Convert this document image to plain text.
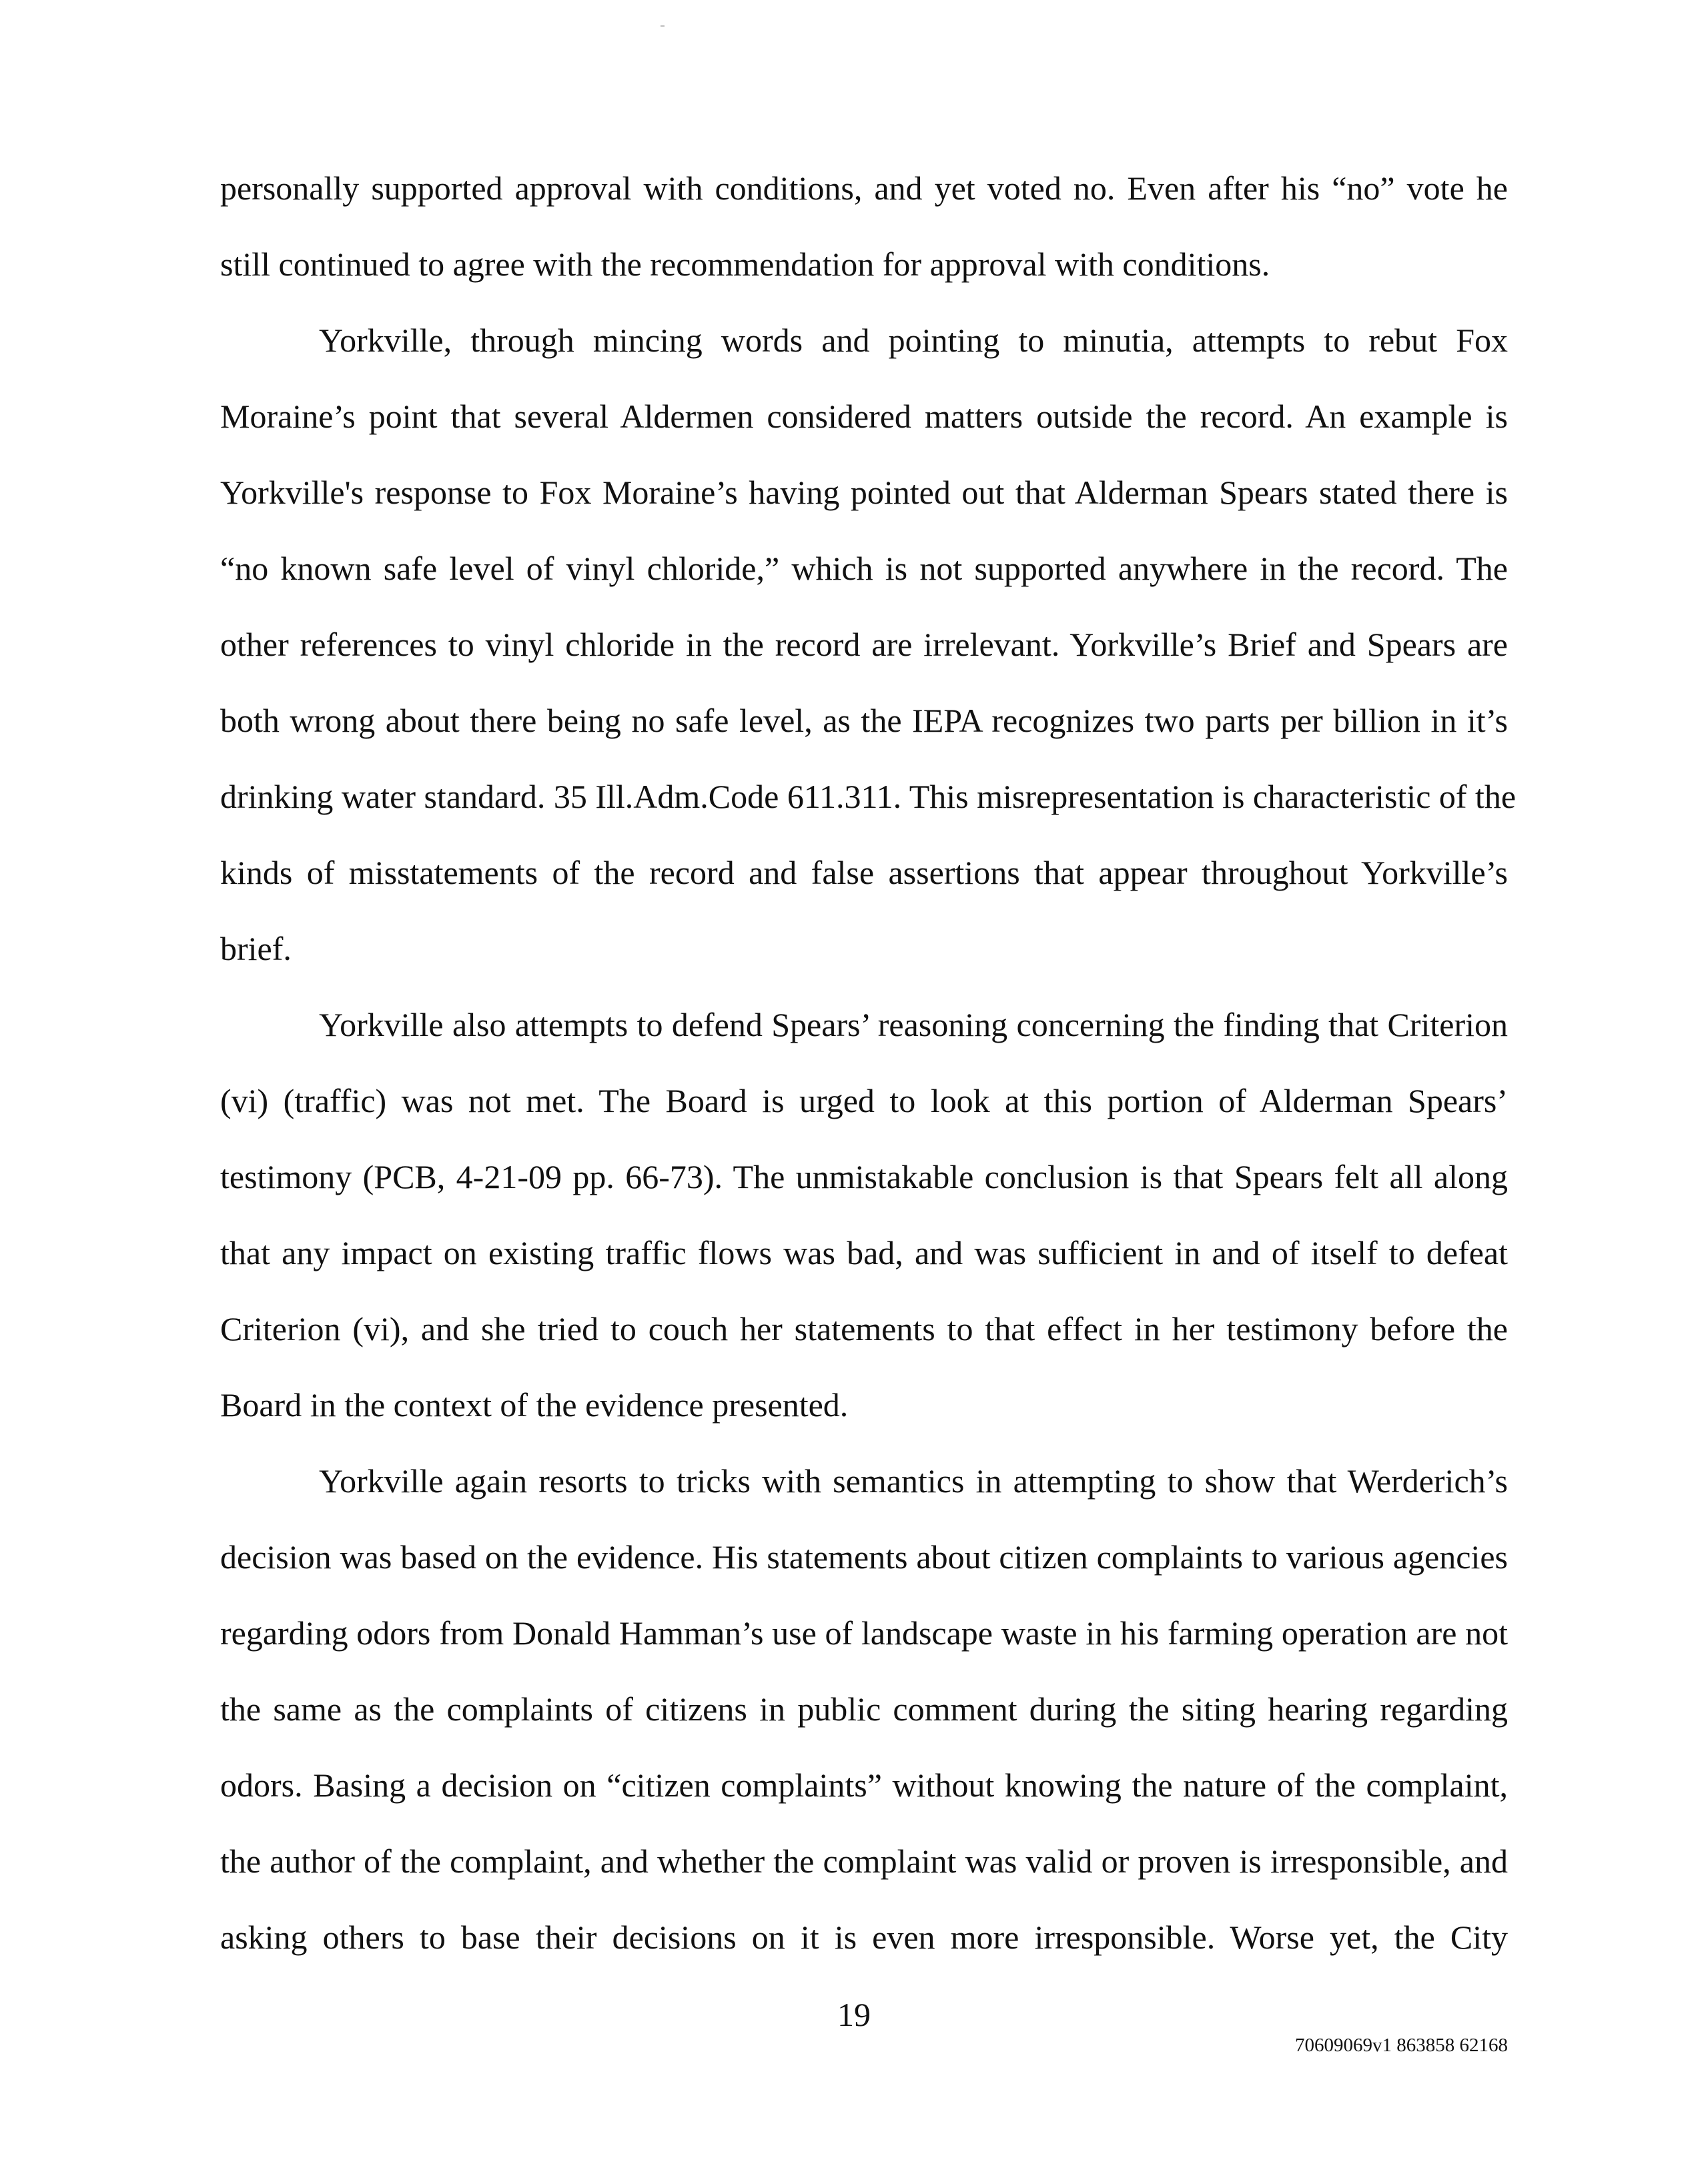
personally supported approval with conditions, and yet voted no. Even after his “no” vote he
still continued to agree with the recommendation for approval with conditions.
Yorkville, through mincing words and pointing to minutia, attempts to rebut Fox
Moraine’s point that several Aldermen considered matters outside the record. An example is
Yorkville's response to Fox Moraine’s having pointed out that Alderman Spears stated there is
“no known safe level of vinyl chloride,” which is not supported anywhere in the record. The
other references to vinyl chloride in the record are irrelevant. Yorkville’s Brief and Spears are
both wrong about there being no safe level, as the IEPA recognizes two parts per billion in it’s
drinking water standard. 35 Ill.Adm.Code 611.311. This misrepresentation is characteristic of the
kinds of misstatements of the record and false assertions that appear throughout Yorkville’s
brief.
Yorkville also attempts to defend Spears’ reasoning concerning the finding that Criterion
(vi) (traffic) was not met. The Board is urged to look at this portion of Alderman Spears’
testimony (PCB, 4-21-09 pp. 66-73). The unmistakable conclusion is that Spears felt all along
that any impact on existing traffic flows was bad, and was sufficient in and of itself to defeat
Criterion (vi), and she tried to couch her statements to that effect in her testimony before the
Board in the context of the evidence presented.
Yorkville again resorts to tricks with semantics in attempting to show that Werderich’s
decision was based on the evidence. His statements about citizen complaints to various agencies
regarding odors from Donald Hamman’s use of landscape waste in his farming operation are not
the same as the complaints of citizens in public comment during the siting hearing regarding
odors. Basing a decision on “citizen complaints” without knowing the nature of the complaint,
the author of the complaint, and whether the complaint was valid or proven is irresponsible, and
asking others to base their decisions on it is even more irresponsible. Worse yet, the City
19
70609069v1 863858 62168
